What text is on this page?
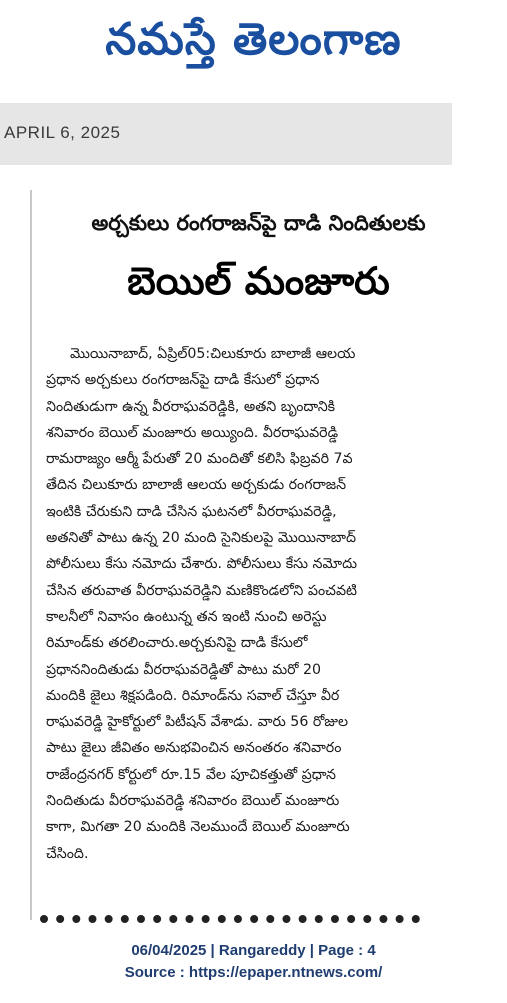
నమస్తే తెలంగాణ
APRIL 6, 2025
అర్చకులు రంగరాజన్‌పై దాడి నిందితులకు
బెయిల్ మంజూరు
మొయినాబాద్, ఏప్రిల్05:చిలుకూరు బాలాజీ ఆలయ
ప్రధాన అర్చకులు రంగరాజన్‌పై దాడి కేసులో ప్రధాన
నిందితుడుగా ఉన్న వీరరాఘవరెడ్డికి, అతని బృందానికి
శనివారం బెయిల్ మంజూరు అయ్యింది. వీరరాఘవరెడ్డి
రామరాజ్యం ఆర్మీ పేరుతో 20 మందితో కలిసి ఫిబ్రవరి 7వ
తేదిన చిలుకూరు బాలాజీ ఆలయ అర్చకుడు రంగరాజన్
ఇంటికి చేరుకుని దాడి చేసిన ఘటనలో వీరరాఘవరెడ్డి,
అతనితో పాటు ఉన్న 20 మంది సైనికులపై మొయినాబాద్
పోలీసులు కేసు నమోదు చేశారు. పోలీసులు కేసు నమోదు
చేసిన తరువాత వీరరాఘవరెడ్డిని మణికొండలోని పంచవటి
కాలనీలో నివాసం ఉంటున్న తన ఇంటి నుంచి అరెస్టు
రిమాండ్‌కు తరలించారు.అర్చకునిపై దాడి కేసులో
ప్రధాననిందితుడు వీరరాఘవరెడ్డితో పాటు మరో 20
మందికి జైలు శిక్షపడింది. రిమాండ్‌ను సవాల్ చేస్తూ వీర
రాఘవరెడ్డి హైకోర్టులో పిటీషన్ వేశాడు. వారు 56 రోజుల
పాటు జైలు జీవితం అనుభవించిన అనంతరం శనివారం
రాజేంద్రనగర్ కోర్టులో రూ.15 వేల పూచికత్తుతో ప్రధాన
నిందితుడు వీరరాఘవరెడ్డి శనివారం బెయిల్ మంజూరు
కాగా, మిగతా 20 మందికి నెలముందే బెయిల్ మంజూరు
చేసింది.
06/04/2025 | Rangareddy | Page : 4
Source : https://epaper.ntnews.com/
